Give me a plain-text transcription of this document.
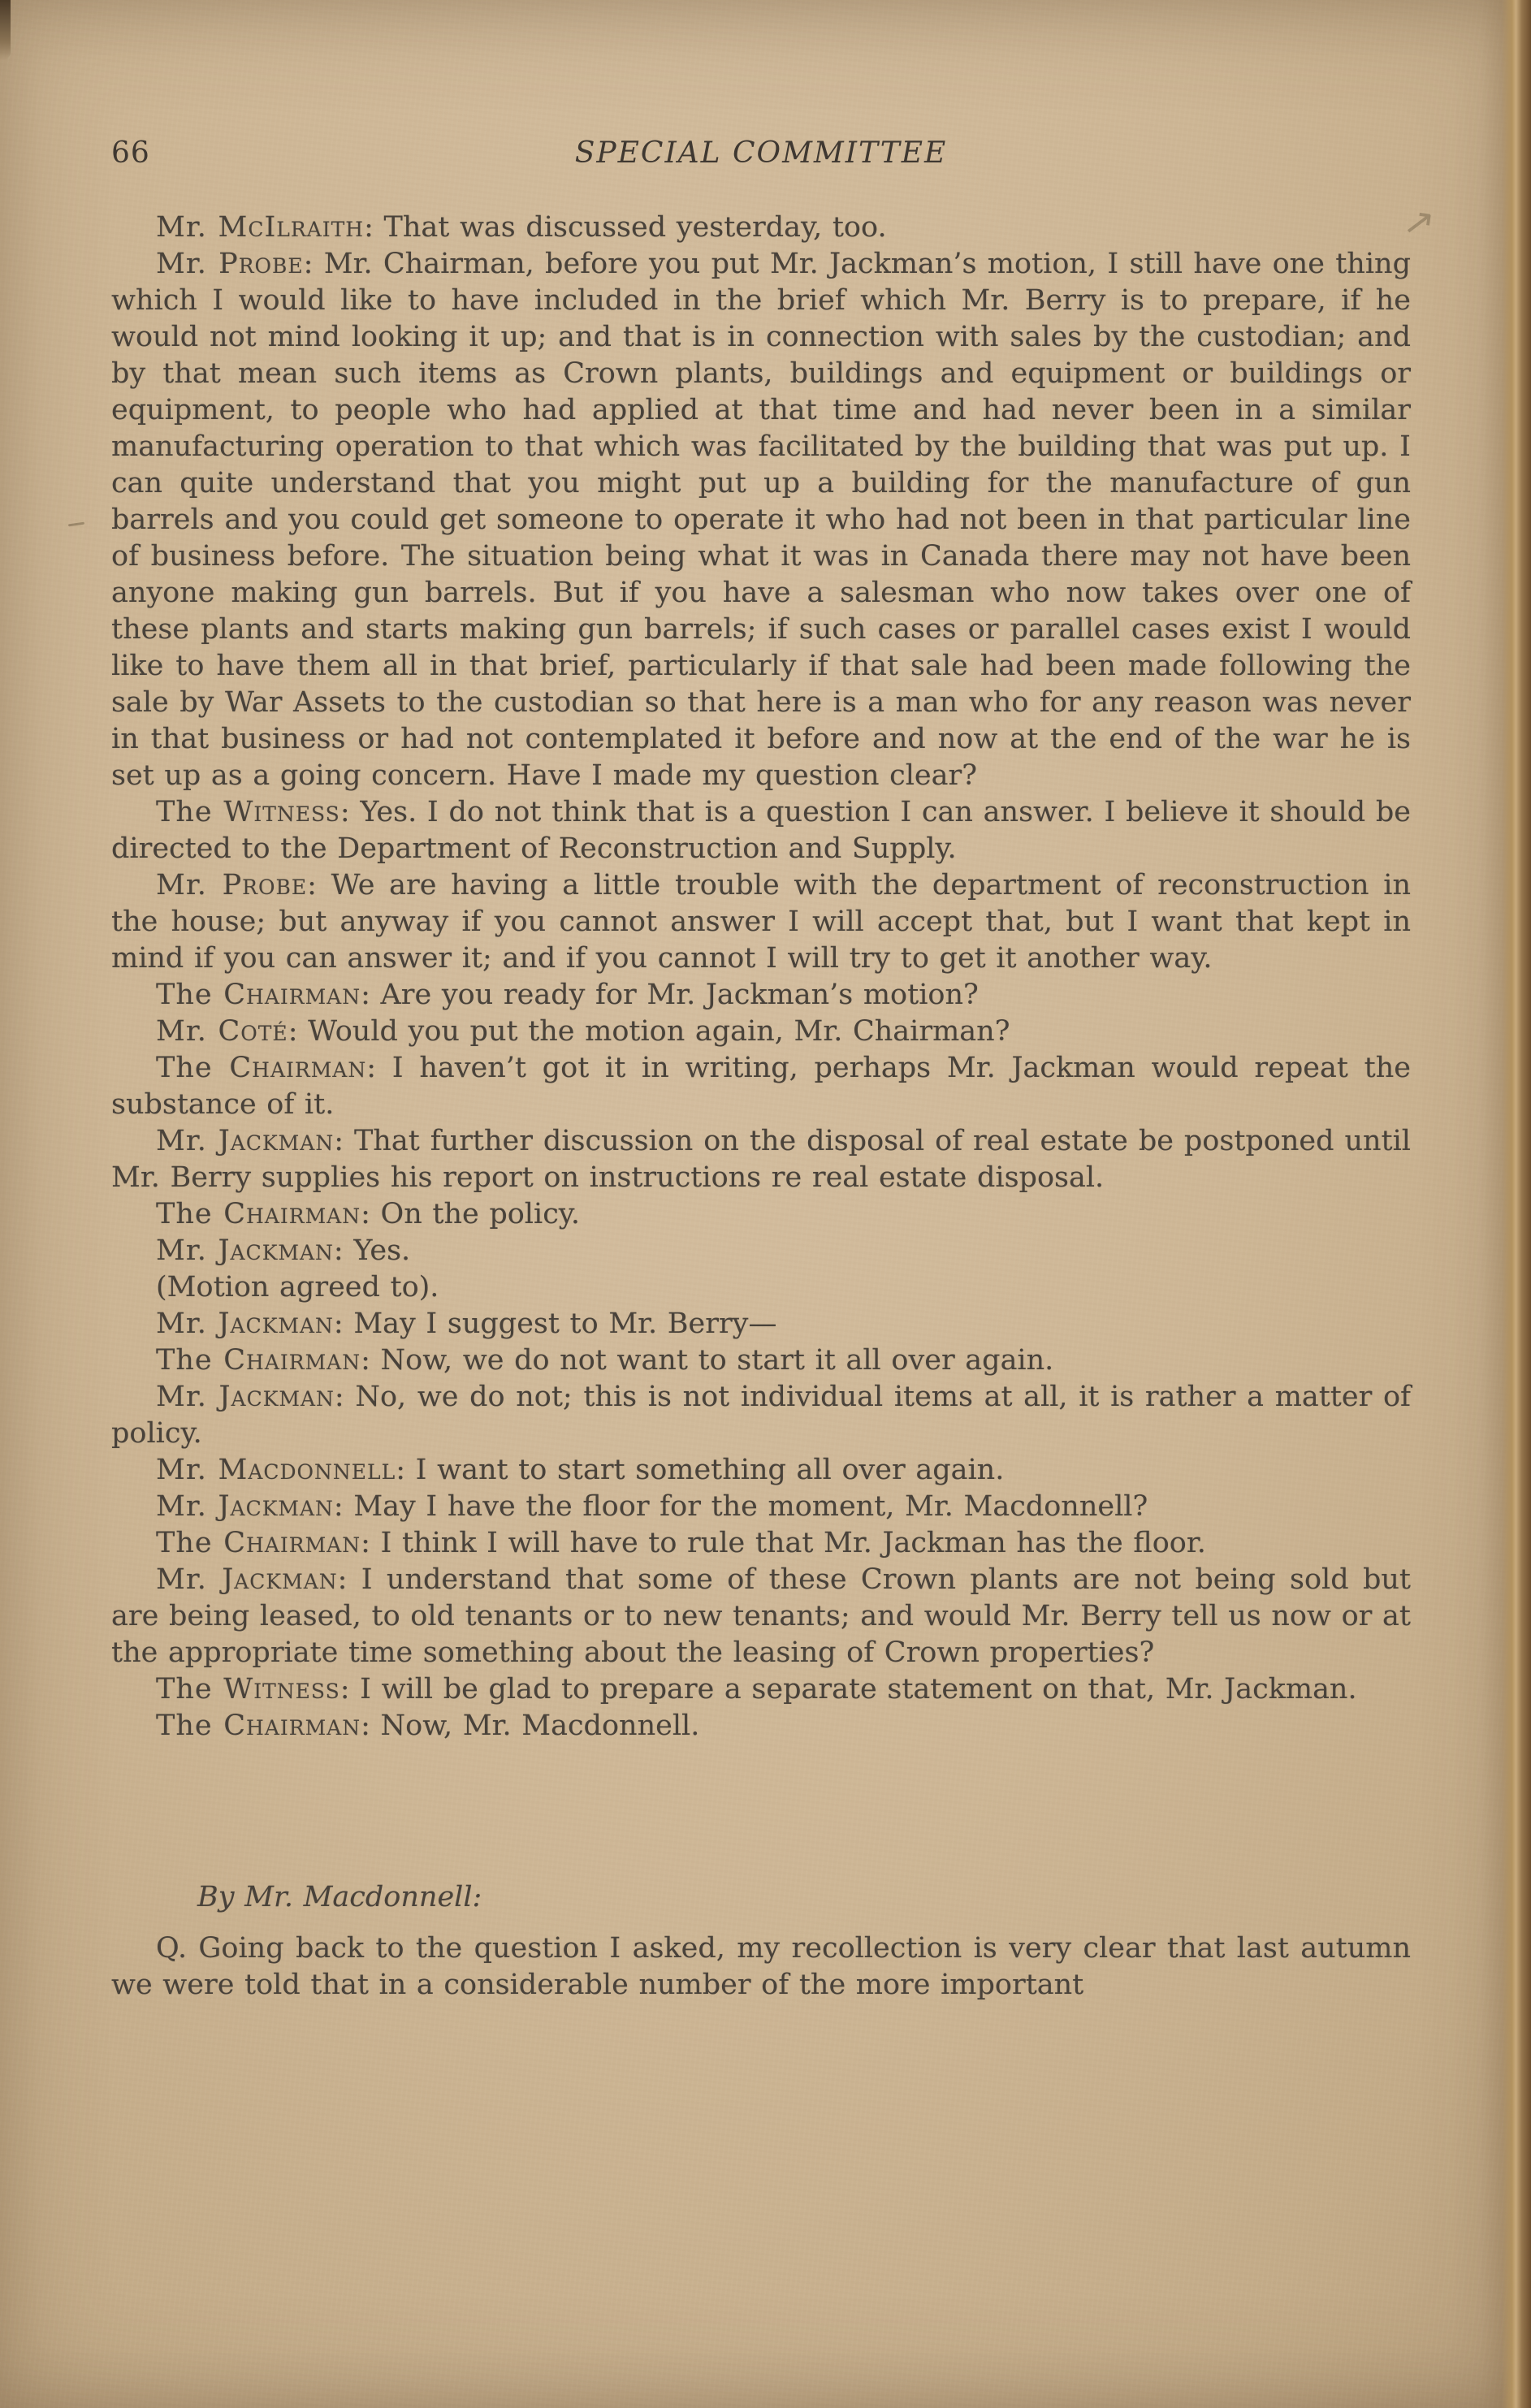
66	SPECIAL COMMITTEE

Mr. McIlraith: That was discussed yesterday, too.

Mr. Probe: Mr. Chairman, before you put Mr. Jackman’s motion, I still have one thing which I would like to have included in the brief which Mr. Berry is to prepare, if he would not mind looking it up; and that is in connection with sales by the custodian; and by that mean such items as Crown plants, buildings and equipment or buildings or equipment, to people who had applied at that time and had never been in a similar manufacturing operation to that which was facilitated by the building that was put up. I can quite understand that you might put up a building for the manufacture of gun barrels and you could get someone to operate it who had not been in that particular line of business before. The situation being what it was in Canada there may not have been anyone making gun barrels. But if you have a salesman who now takes over one of these plants and starts making gun barrels; if such cases or parallel cases exist I would like to have them all in that brief, particularly if that sale had been made following the sale by War Assets to the custodian so that here is a man who for any reason was never in that business or had not contemplated it before and now at the end of the war he is set up as a going concern. Have I made my question clear?

The Witness: Yes. I do not think that is a question I can answer. I believe it should be directed to the Department of Reconstruction and Supply.

Mr. Probe: We are having a little trouble with the department of reconstruction in the house; but anyway if you cannot answer I will accept that, but I want that kept in mind if you can answer it; and if you cannot I will try to get it another way.

The Chairman: Are you ready for Mr. Jackman’s motion?

Mr. Coté: Would you put the motion again, Mr. Chairman?

The Chairman: I haven’t got it in writing, perhaps Mr. Jackman would repeat the substance of it.

Mr. Jackman: That further discussion on the disposal of real estate be postponed until Mr. Berry supplies his report on instructions re real estate disposal.

The Chairman: On the policy.

Mr. Jackman: Yes.

(Motion agreed to).

Mr. Jackman: May I suggest to Mr. Berry—

The Chairman: Now, we do not want to start it all over again.

Mr. Jackman: No, we do not; this is not individual items at all, it is rather a matter of policy.

Mr. Macdonnell: I want to start something all over again.

Mr. Jackman: May I have the floor for the moment, Mr. Macdonnell?

The Chairman: I think I will have to rule that Mr. Jackman has the floor.

Mr. Jackman: I understand that some of these Crown plants are not being sold but are being leased, to old tenants or to new tenants; and would Mr. Berry tell us now or at the appropriate time something about the leasing of Crown properties?

The Witness: I will be glad to prepare a separate statement on that, Mr. Jackman.

The Chairman: Now, Mr. Macdonnell.

By Mr. Macdonnell:

Q. Going back to the question I asked, my recollection is very clear that last autumn we were told that in a considerable number of the more important

↗
